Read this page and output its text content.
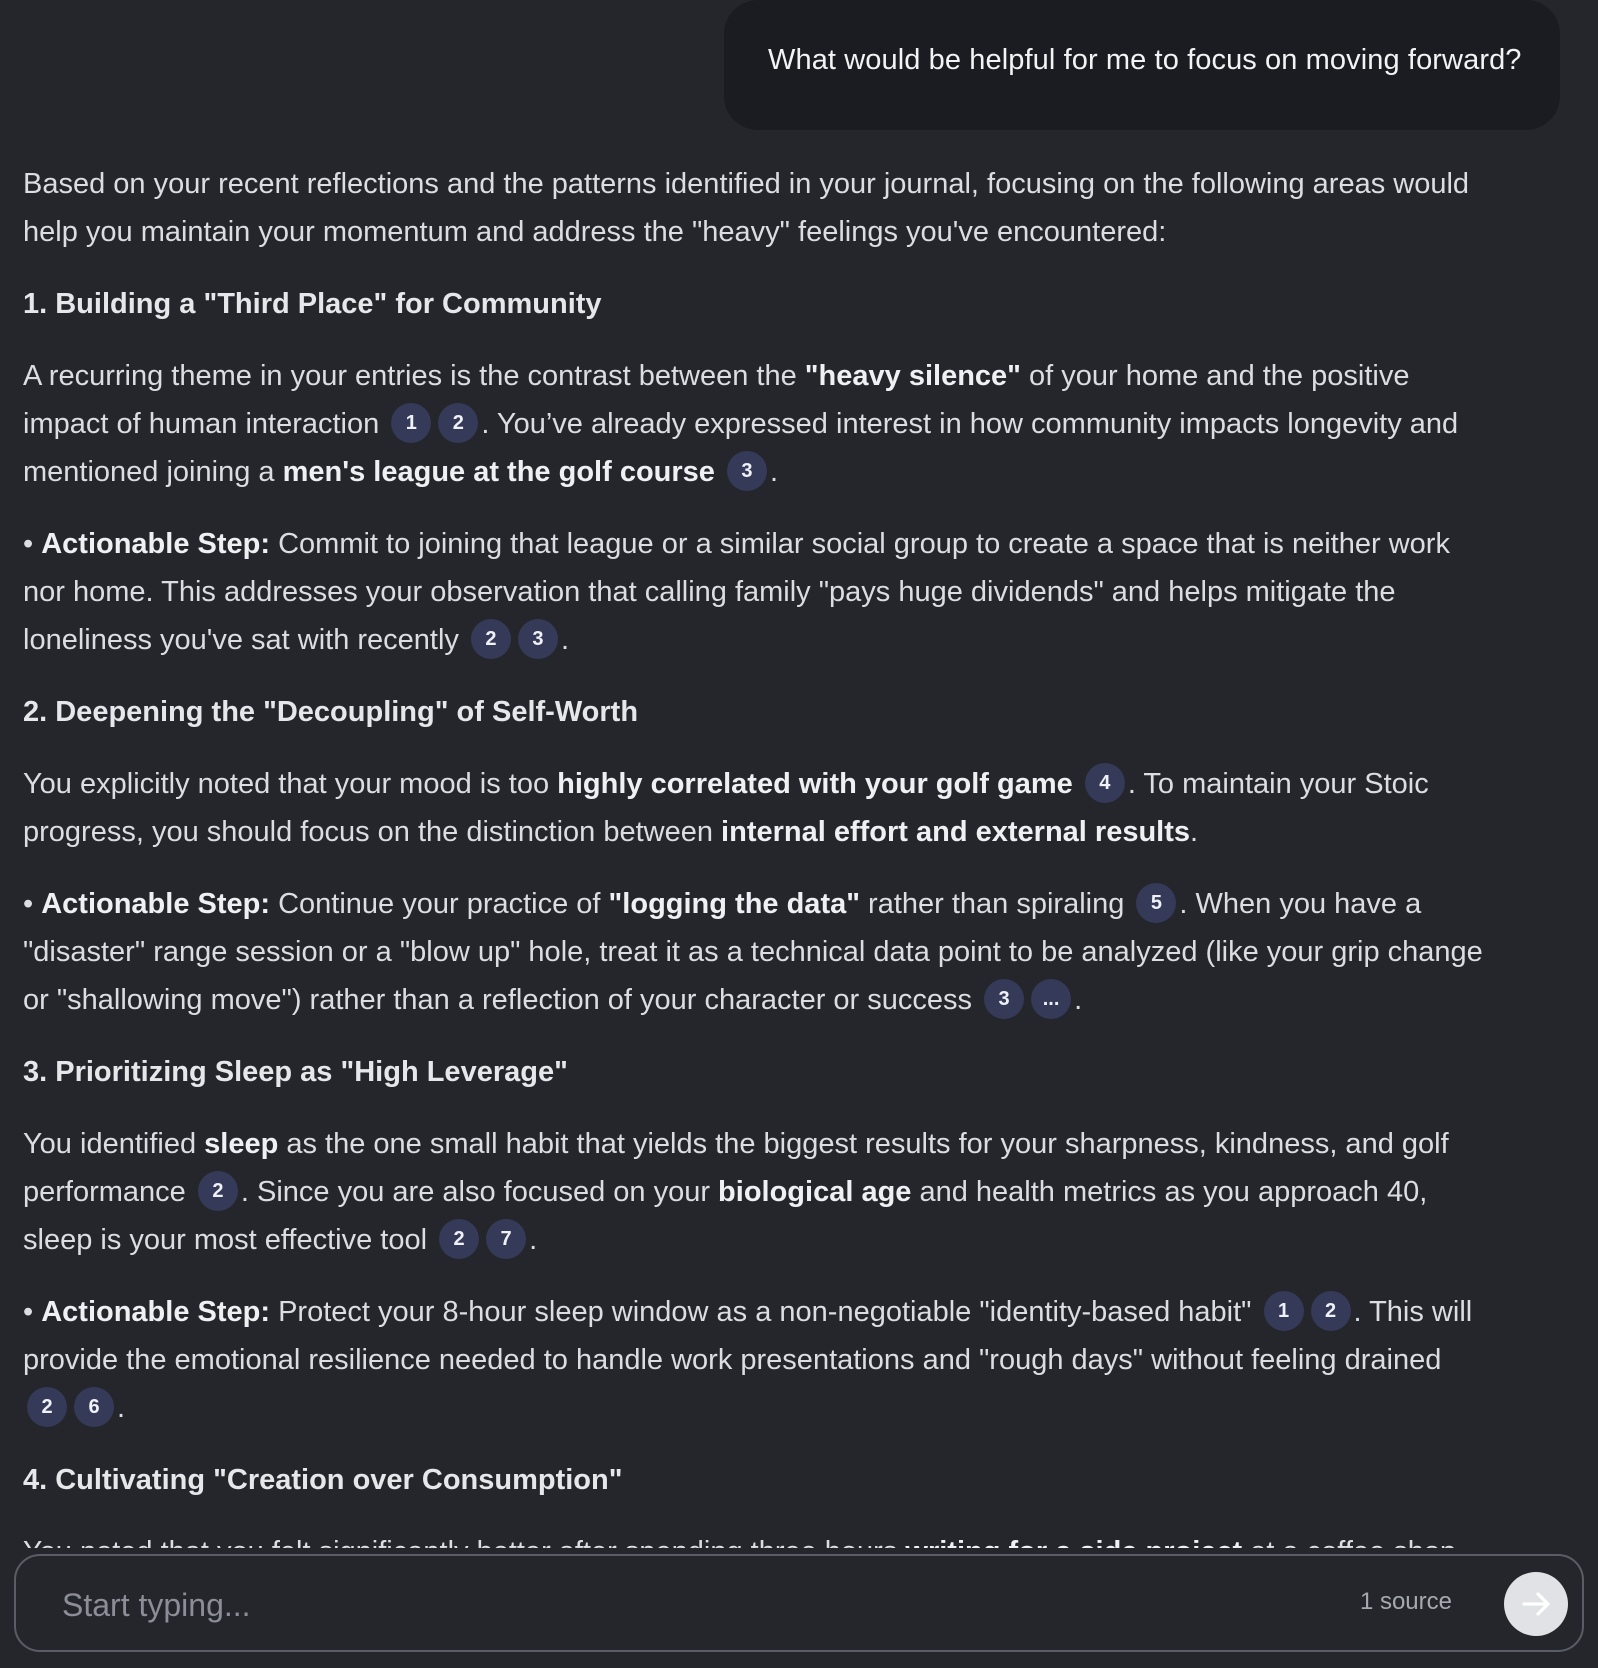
What would be helpful for me to focus on moving forward?

Based on your recent reflections and the patterns identified in your journal, focusing on the following areas would help you maintain your momentum and address the "heavy" feelings you've encountered:

1. Building a "Third Place" for Community

A recurring theme in your entries is the contrast between the "heavy silence" of your home and the positive impact of human interaction 1 2 . You’ve already expressed interest in how community impacts longevity and mentioned joining a men's league at the golf course 3 .

• Actionable Step: Commit to joining that league or a similar social group to create a space that is neither work nor home. This addresses your observation that calling family "pays huge dividends" and helps mitigate the loneliness you've sat with recently 2 3 .

2. Deepening the "Decoupling" of Self-Worth

You explicitly noted that your mood is too highly correlated with your golf game 4 . To maintain your Stoic progress, you should focus on the distinction between internal effort and external results.

• Actionable Step: Continue your practice of "logging the data" rather than spiraling 5 . When you have a "disaster" range session or a "blow up" hole, treat it as a technical data point to be analyzed (like your grip change or "shallowing move") rather than a reflection of your character or success 3 ... .

3. Prioritizing Sleep as "High Leverage"

You identified sleep as the one small habit that yields the biggest results for your sharpness, kindness, and golf performance 2 . Since you are also focused on your biological age and health metrics as you approach 40, sleep is your most effective tool 2 7 .

• Actionable Step: Protect your 8-hour sleep window as a non-negotiable "identity-based habit" 1 2 . This will provide the emotional resilience needed to handle work presentations and "rough days" without feeling drained 2 6 .

4. Cultivating "Creation over Consumption"

Start typing...
1 source
